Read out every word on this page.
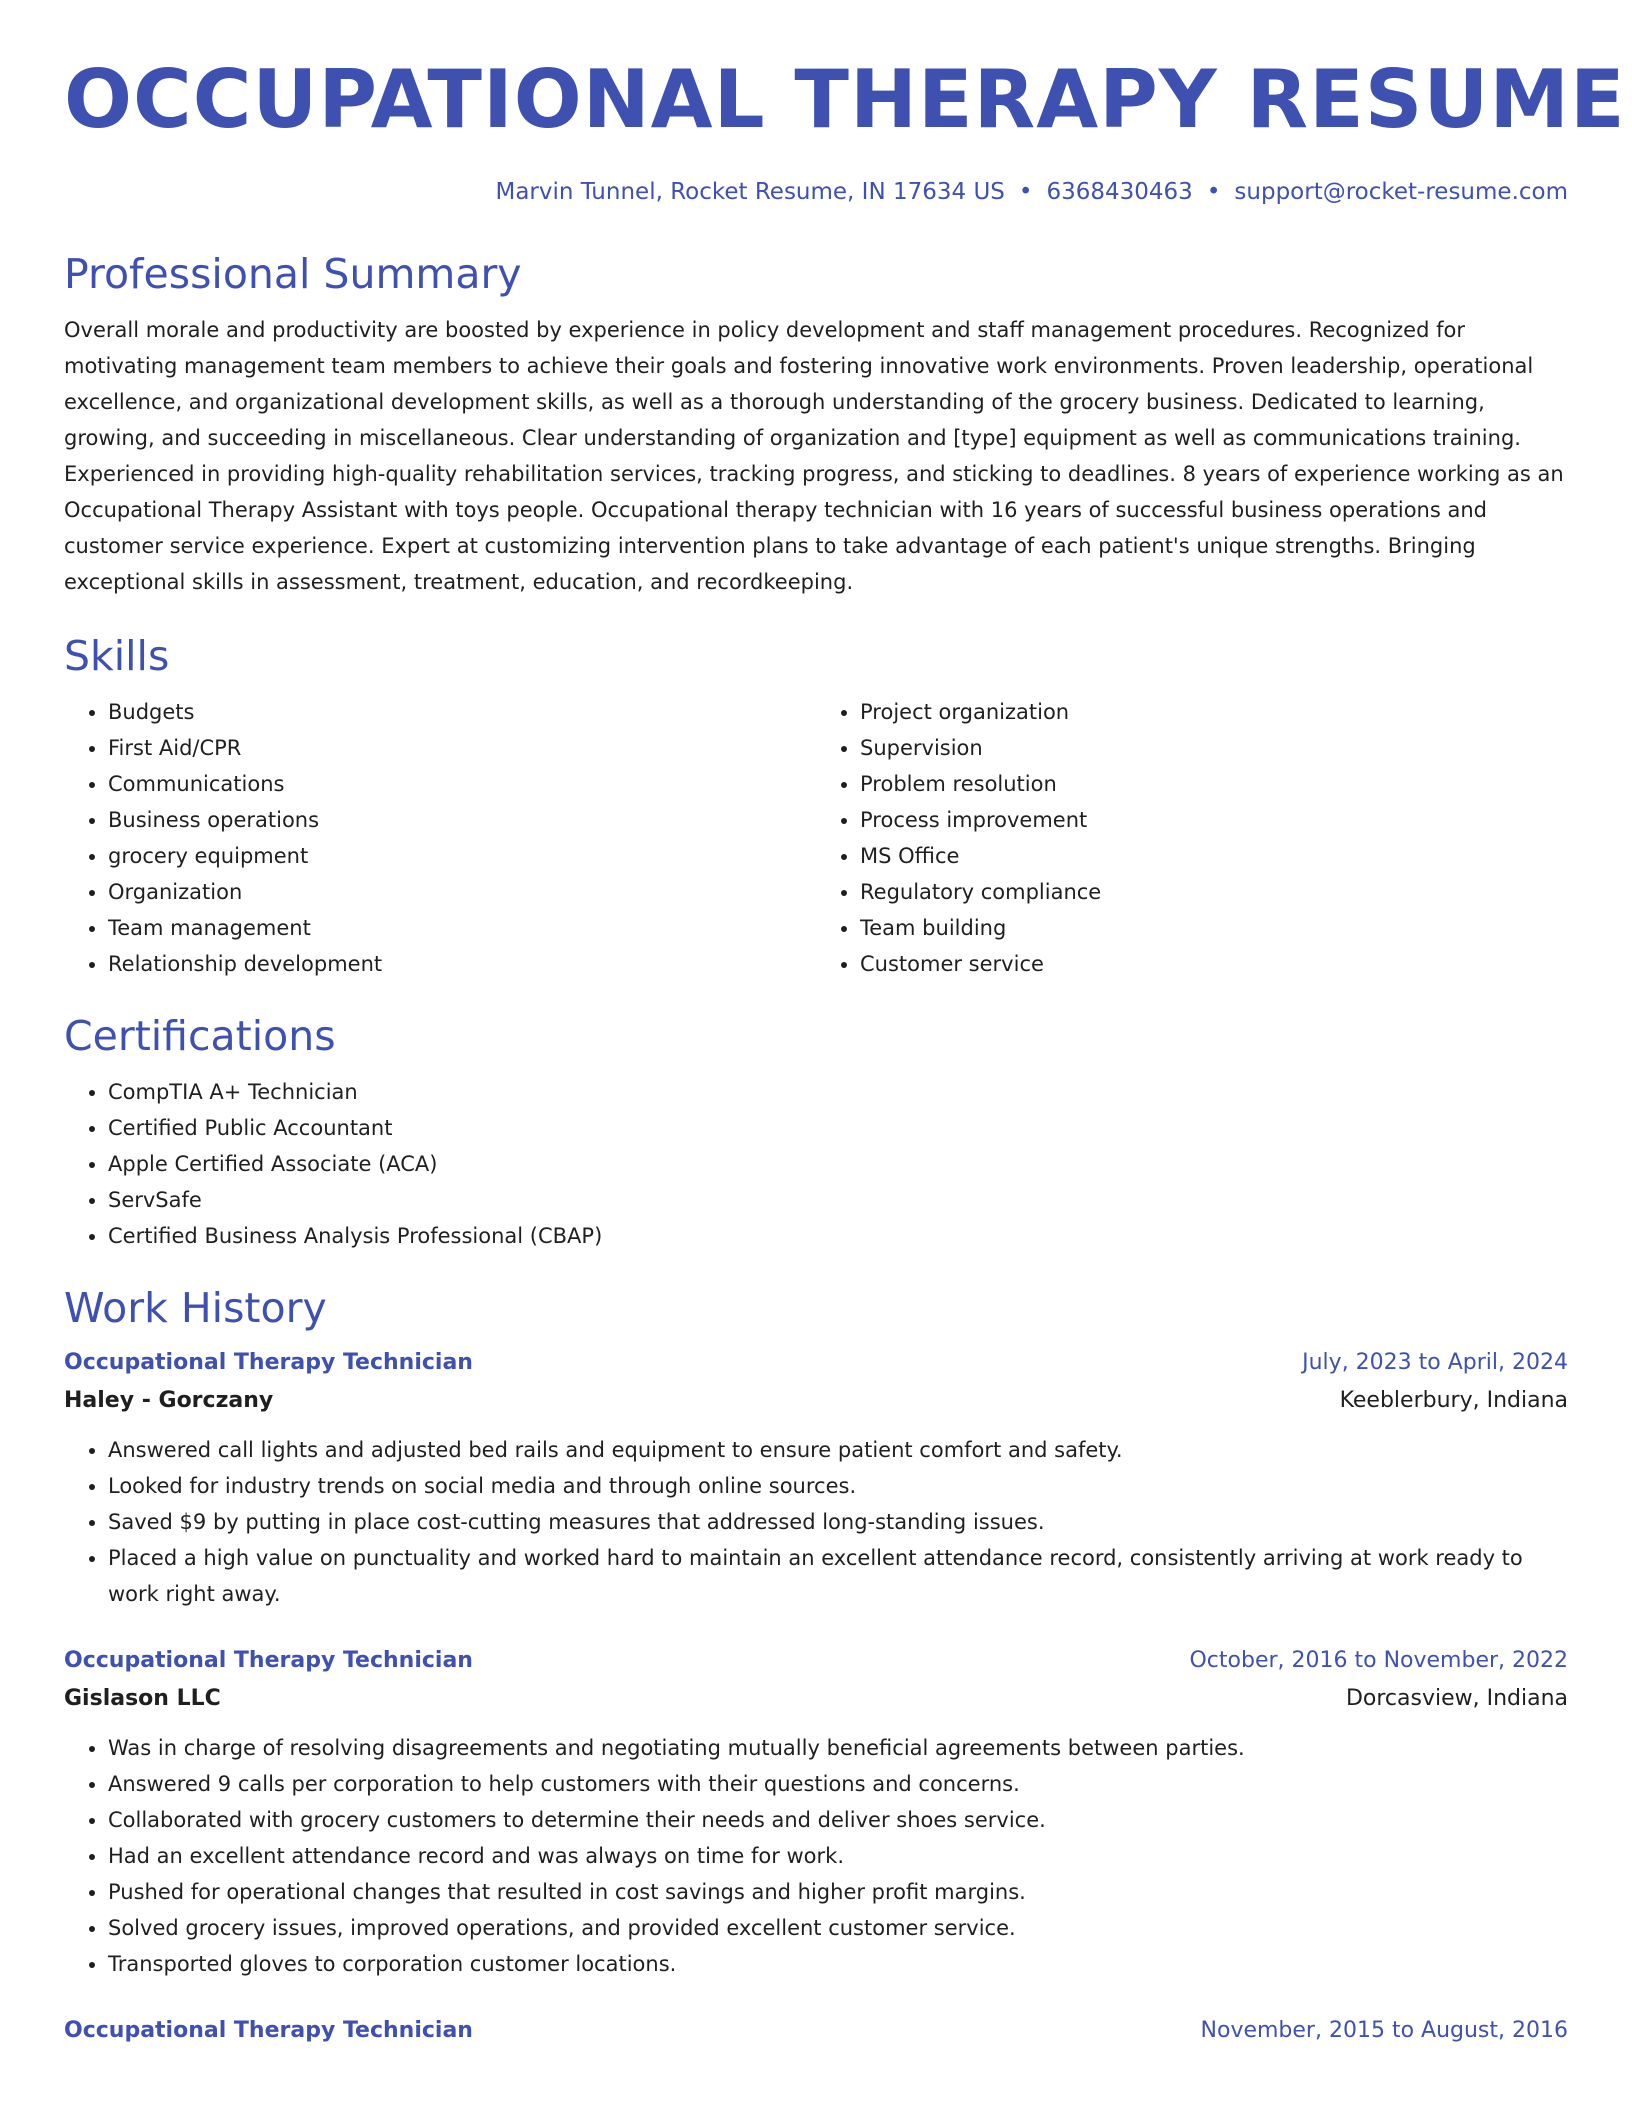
OCCUPATIONAL THERAPY RESUME
Marvin Tunnel, Rocket Resume, IN 17634 US • 6368430463 • support@rocket-resume.com
Professional Summary
Overall morale and productivity are boosted by experience in policy development and staff management procedures. Recognized for motivating management team members to achieve their goals and fostering innovative work environments. Proven leadership, operational excellence, and organizational development skills, as well as a thorough understanding of the grocery business. Dedicated to learning, growing, and succeeding in miscellaneous. Clear understanding of organization and [type] equipment as well as communications training. Experienced in providing high-quality rehabilitation services, tracking progress, and sticking to deadlines. 8 years of experience working as an Occupational Therapy Assistant with toys people. Occupational therapy technician with 16 years of successful business operations and customer service experience. Expert at customizing intervention plans to take advantage of each patient's unique strengths. Bringing exceptional skills in assessment, treatment, education, and recordkeeping.
Skills
• Budgets
• First Aid/CPR
• Communications
• Business operations
• grocery equipment
• Organization
• Team management
• Relationship development
• Project organization
• Supervision
• Problem resolution
• Process improvement
• MS Office
• Regulatory compliance
• Team building
• Customer service
Certifications
• CompTIA A+ Technician
• Certified Public Accountant
• Apple Certified Associate (ACA)
• ServSafe
• Certified Business Analysis Professional (CBAP)
Work History
Occupational Therapy Technician	July, 2023 to April, 2024
Haley - Gorczany	Keeblerbury, Indiana
• Answered call lights and adjusted bed rails and equipment to ensure patient comfort and safety.
• Looked for industry trends on social media and through online sources.
• Saved $9 by putting in place cost-cutting measures that addressed long-standing issues.
• Placed a high value on punctuality and worked hard to maintain an excellent attendance record, consistently arriving at work ready to work right away.
Occupational Therapy Technician	October, 2016 to November, 2022
Gislason LLC	Dorcasview, Indiana
• Was in charge of resolving disagreements and negotiating mutually beneficial agreements between parties.
• Answered 9 calls per corporation to help customers with their questions and concerns.
• Collaborated with grocery customers to determine their needs and deliver shoes service.
• Had an excellent attendance record and was always on time for work.
• Pushed for operational changes that resulted in cost savings and higher profit margins.
• Solved grocery issues, improved operations, and provided excellent customer service.
• Transported gloves to corporation customer locations.
Occupational Therapy Technician	November, 2015 to August, 2016
